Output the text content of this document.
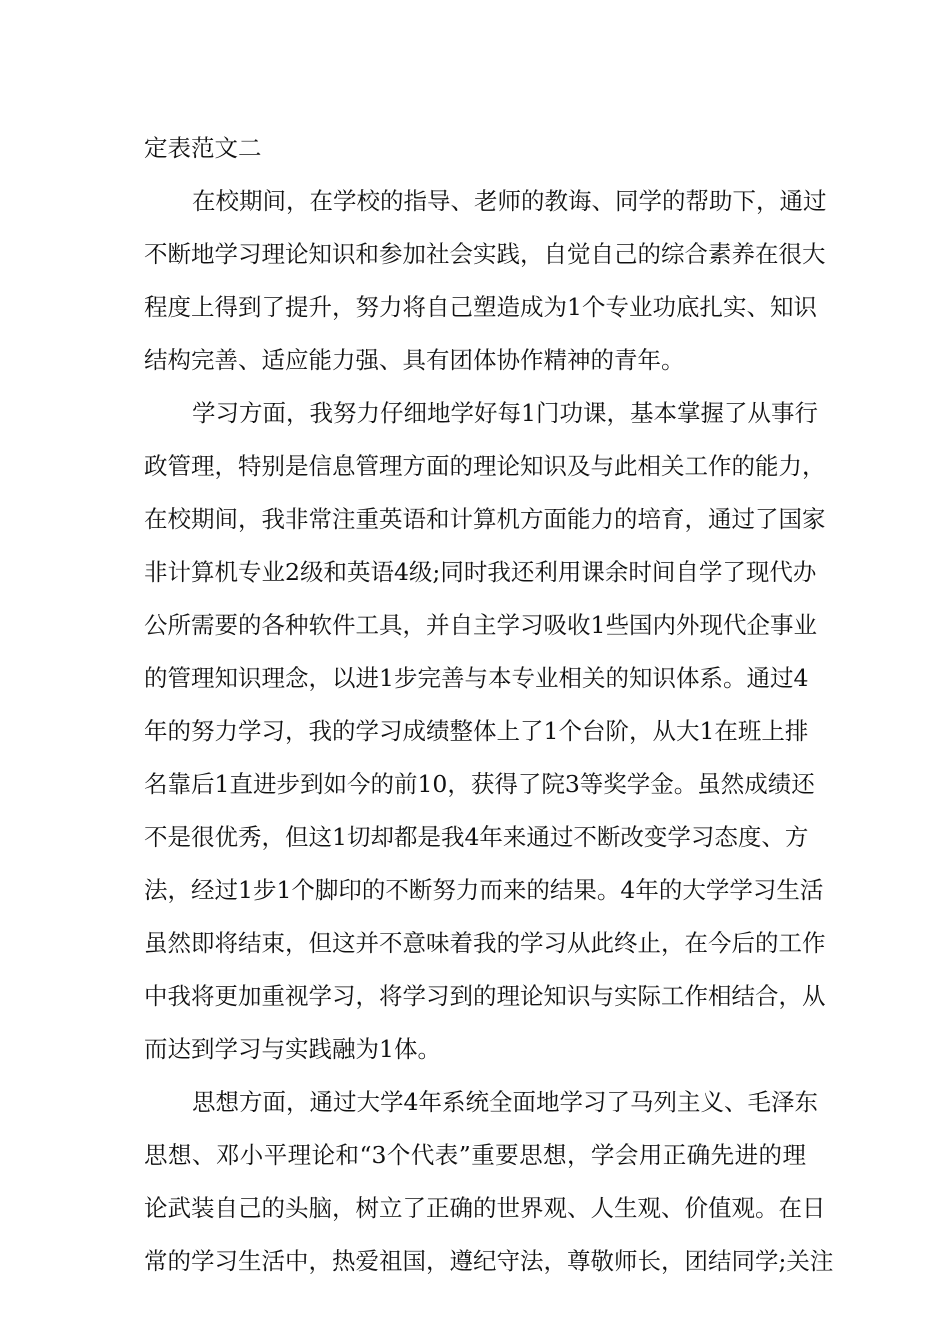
定表范文二
在校期间，在学校的指导、老师的教诲、同学的帮助下，通过
不断地学习理论知识和参加社会实践，自觉自己的综合素养在很大
程度上得到了提升，努力将自己塑造成为1个专业功底扎实、知识
结构完善、适应能力强、具有团体协作精神的青年。
学习方面，我努力仔细地学好每1门功课，基本掌握了从事行
政管理，特别是信息管理方面的理论知识及与此相关工作的能力，
在校期间，我非常注重英语和计算机方面能力的培育，通过了国家
非计算机专业2级和英语4级;同时我还利用课余时间自学了现代办
公所需要的各种软件工具，并自主学习吸收1些国内外现代企事业
的管理知识理念，以进1步完善与本专业相关的知识体系。通过4
年的努力学习，我的学习成绩整体上了1个台阶，从大1在班上排
名靠后1直进步到如今的前10，获得了院3等奖学金。虽然成绩还
不是很优秀，但这1切却都是我4年来通过不断改变学习态度、方
法，经过1步1个脚印的不断努力而来的结果。4年的大学学习生活
虽然即将结束，但这并不意味着我的学习从此终止，在今后的工作
中我将更加重视学习，将学习到的理论知识与实际工作相结合，从
而达到学习与实践融为1体。
思想方面，通过大学4年系统全面地学习了马列主义、毛泽东
思想、邓小平理论和“3个代表”重要思想，学会用正确先进的理
论武装自己的头脑，树立了正确的世界观、人生观、价值观。在日
常的学习生活中，热爱祖国，遵纪守法，尊敬师长，团结同学;关注
